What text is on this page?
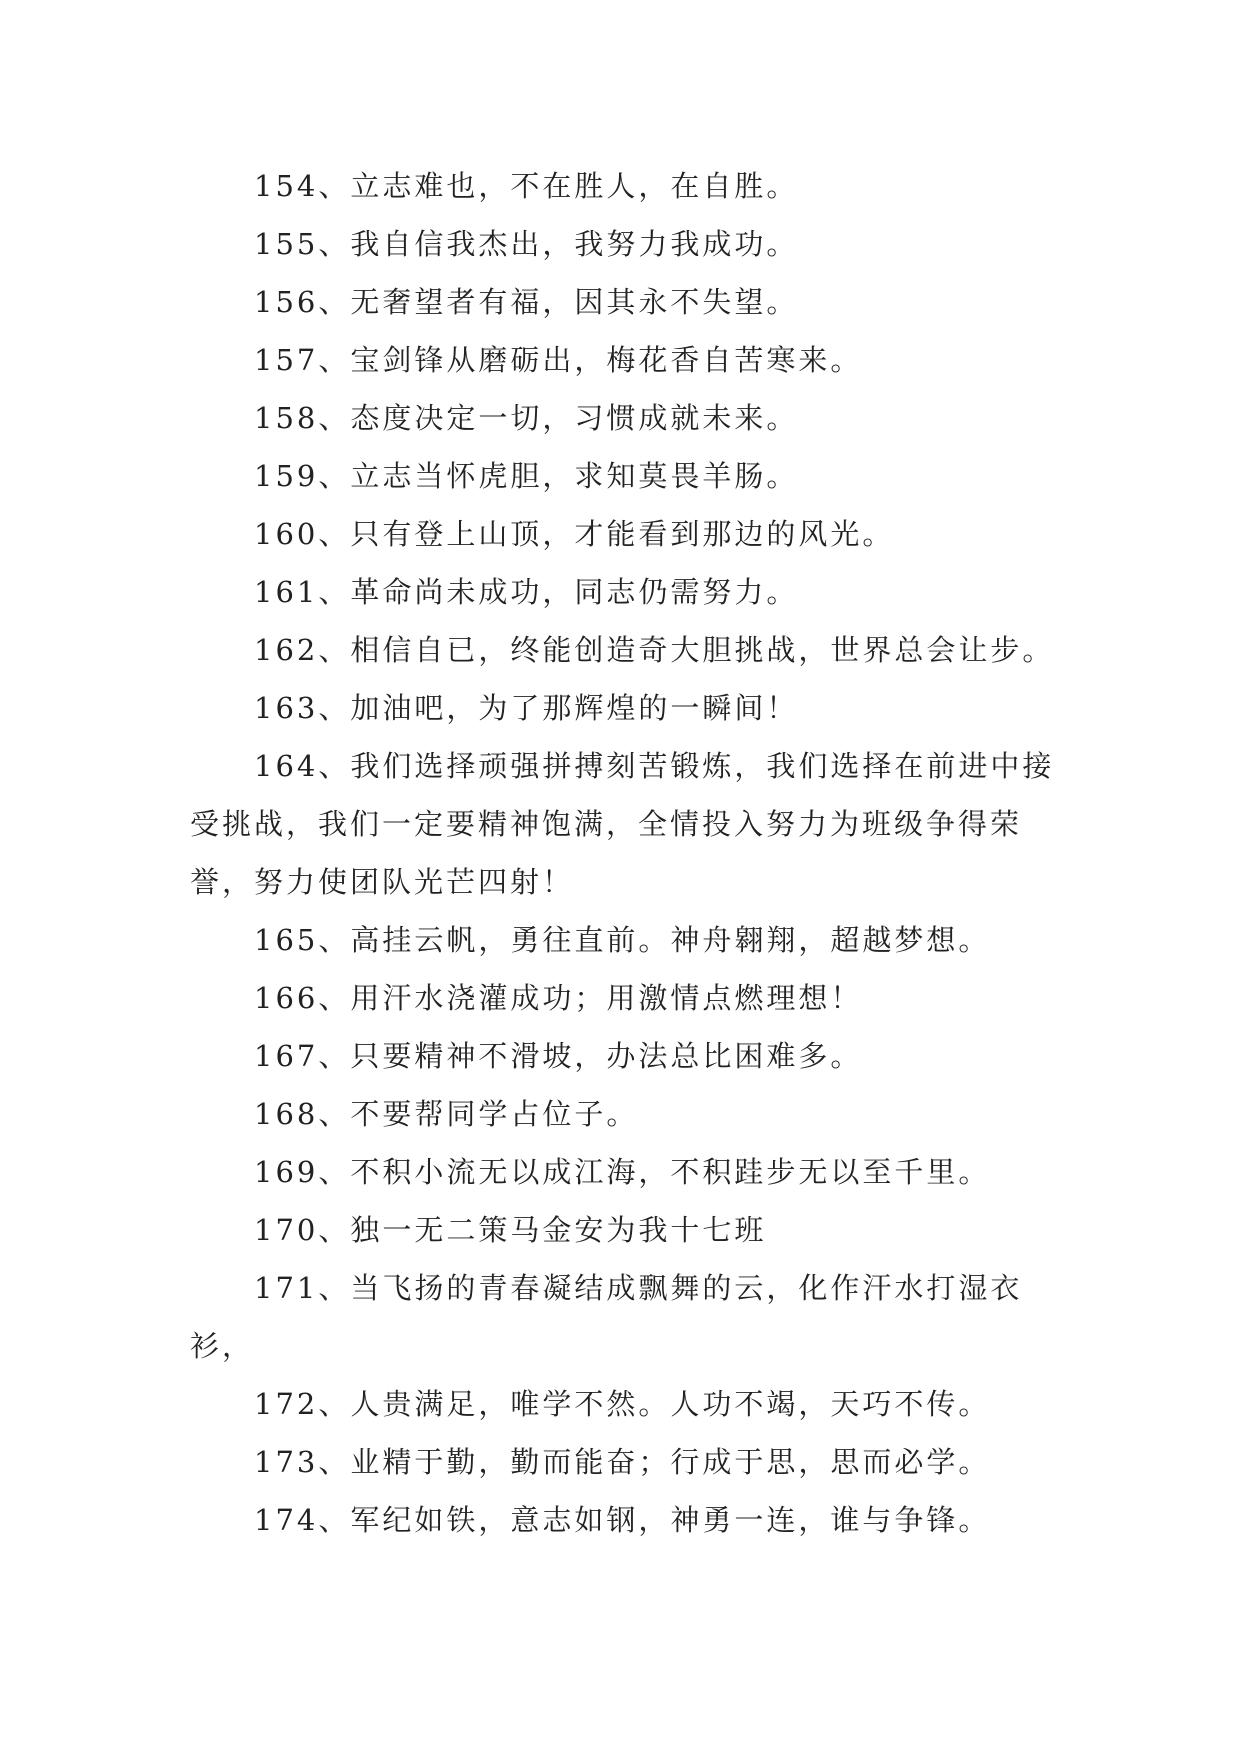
154、立志难也，不在胜人，在自胜。

155、我自信我杰出，我努力我成功。

156、无奢望者有福，因其永不失望。

157、宝剑锋从磨砺出，梅花香自苦寒来。

158、态度决定一切，习惯成就未来。

159、立志当怀虎胆，求知莫畏羊肠。

160、只有登上山顶，才能看到那边的风光。

161、革命尚未成功，同志仍需努力。

162、相信自已，终能创造奇大胆挑战，世界总会让步。

163、加油吧，为了那辉煌的一瞬间！

164、我们选择顽强拼搏刻苦锻炼，我们选择在前进中接受挑战，我们一定要精神饱满，全情投入努力为班级争得荣誉，努力使团队光芒四射！

165、高挂云帆，勇往直前。神舟翱翔，超越梦想。

166、用汗水浇灌成功；用激情点燃理想！

167、只要精神不滑坡，办法总比困难多。

168、不要帮同学占位子。

169、不积小流无以成江海，不积跬步无以至千里。

170、独一无二策马金安为我十七班

171、当飞扬的青春凝结成飘舞的云，化作汗水打湿衣衫，

172、人贵满足，唯学不然。人功不竭，天巧不传。

173、业精于勤，勤而能奋；行成于思，思而必学。

174、军纪如铁，意志如钢，神勇一连，谁与争锋。
